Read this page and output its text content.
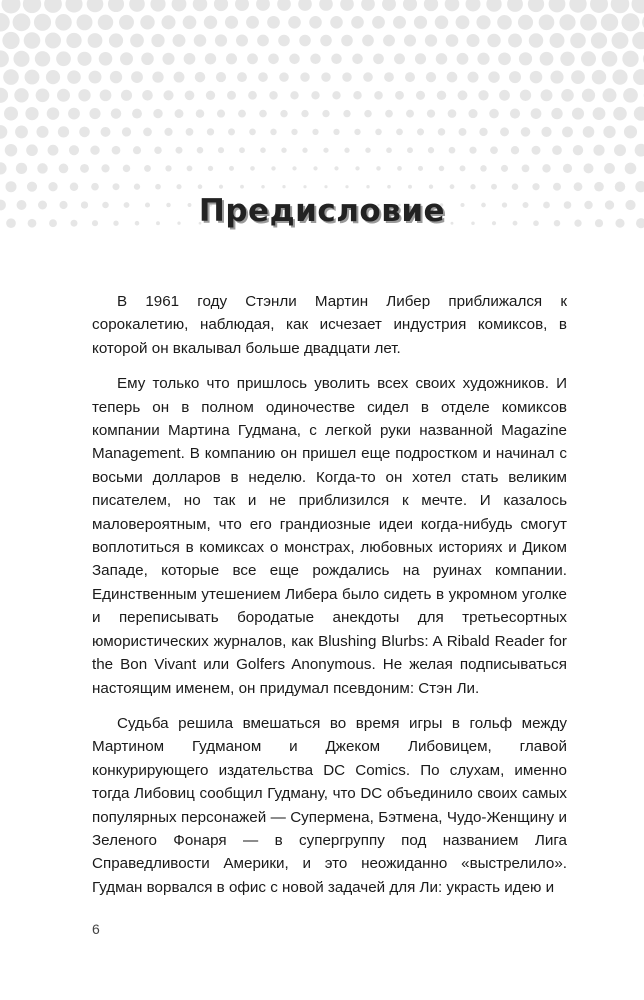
Предисловие

В 1961 году Стэнли Мартин Либер приближался к сорокалетию, наблюдая, как исчезает индустрия комиксов, в которой он вкалывал больше двадцати лет.

Ему только что пришлось уволить всех своих художников. И теперь он в полном одиночестве сидел в отделе комиксов компании Мартина Гудмана, с легкой руки названной Magazine Management. В компанию он пришел еще подростком и начинал с восьми долларов в неделю. Когда-то он хотел стать великим писателем, но так и не приблизился к мечте. И казалось маловероятным, что его грандиозные идеи когда-нибудь смогут воплотиться в комиксах о монстрах, любовных историях и Диком Западе, которые все еще рождались на руинах компании. Единственным утешением Либера было сидеть в укромном уголке и переписывать бородатые анекдоты для третьесортных юмористических журналов, как Blushing Blurbs: A Ribald Reader for the Bon Vivant или Golfers Anonymous. Не желая подписываться настоящим именем, он придумал псевдоним: Стэн Ли.

Судьба решила вмешаться во время игры в гольф между Мартином Гудманом и Джеком Либовицем, главой конкурирующего издательства DC Comics. По слухам, именно тогда Либовиц сообщил Гудману, что DC объединило своих самых популярных персонажей — Супермена, Бэтмена, Чудо-Женщину и Зеленого Фонаря — в супергруппу под названием Лига Справедливости Америки, и это неожиданно «выстрелило». Гудман ворвался в офис с новой задачей для Ли: украсть идею и

6
